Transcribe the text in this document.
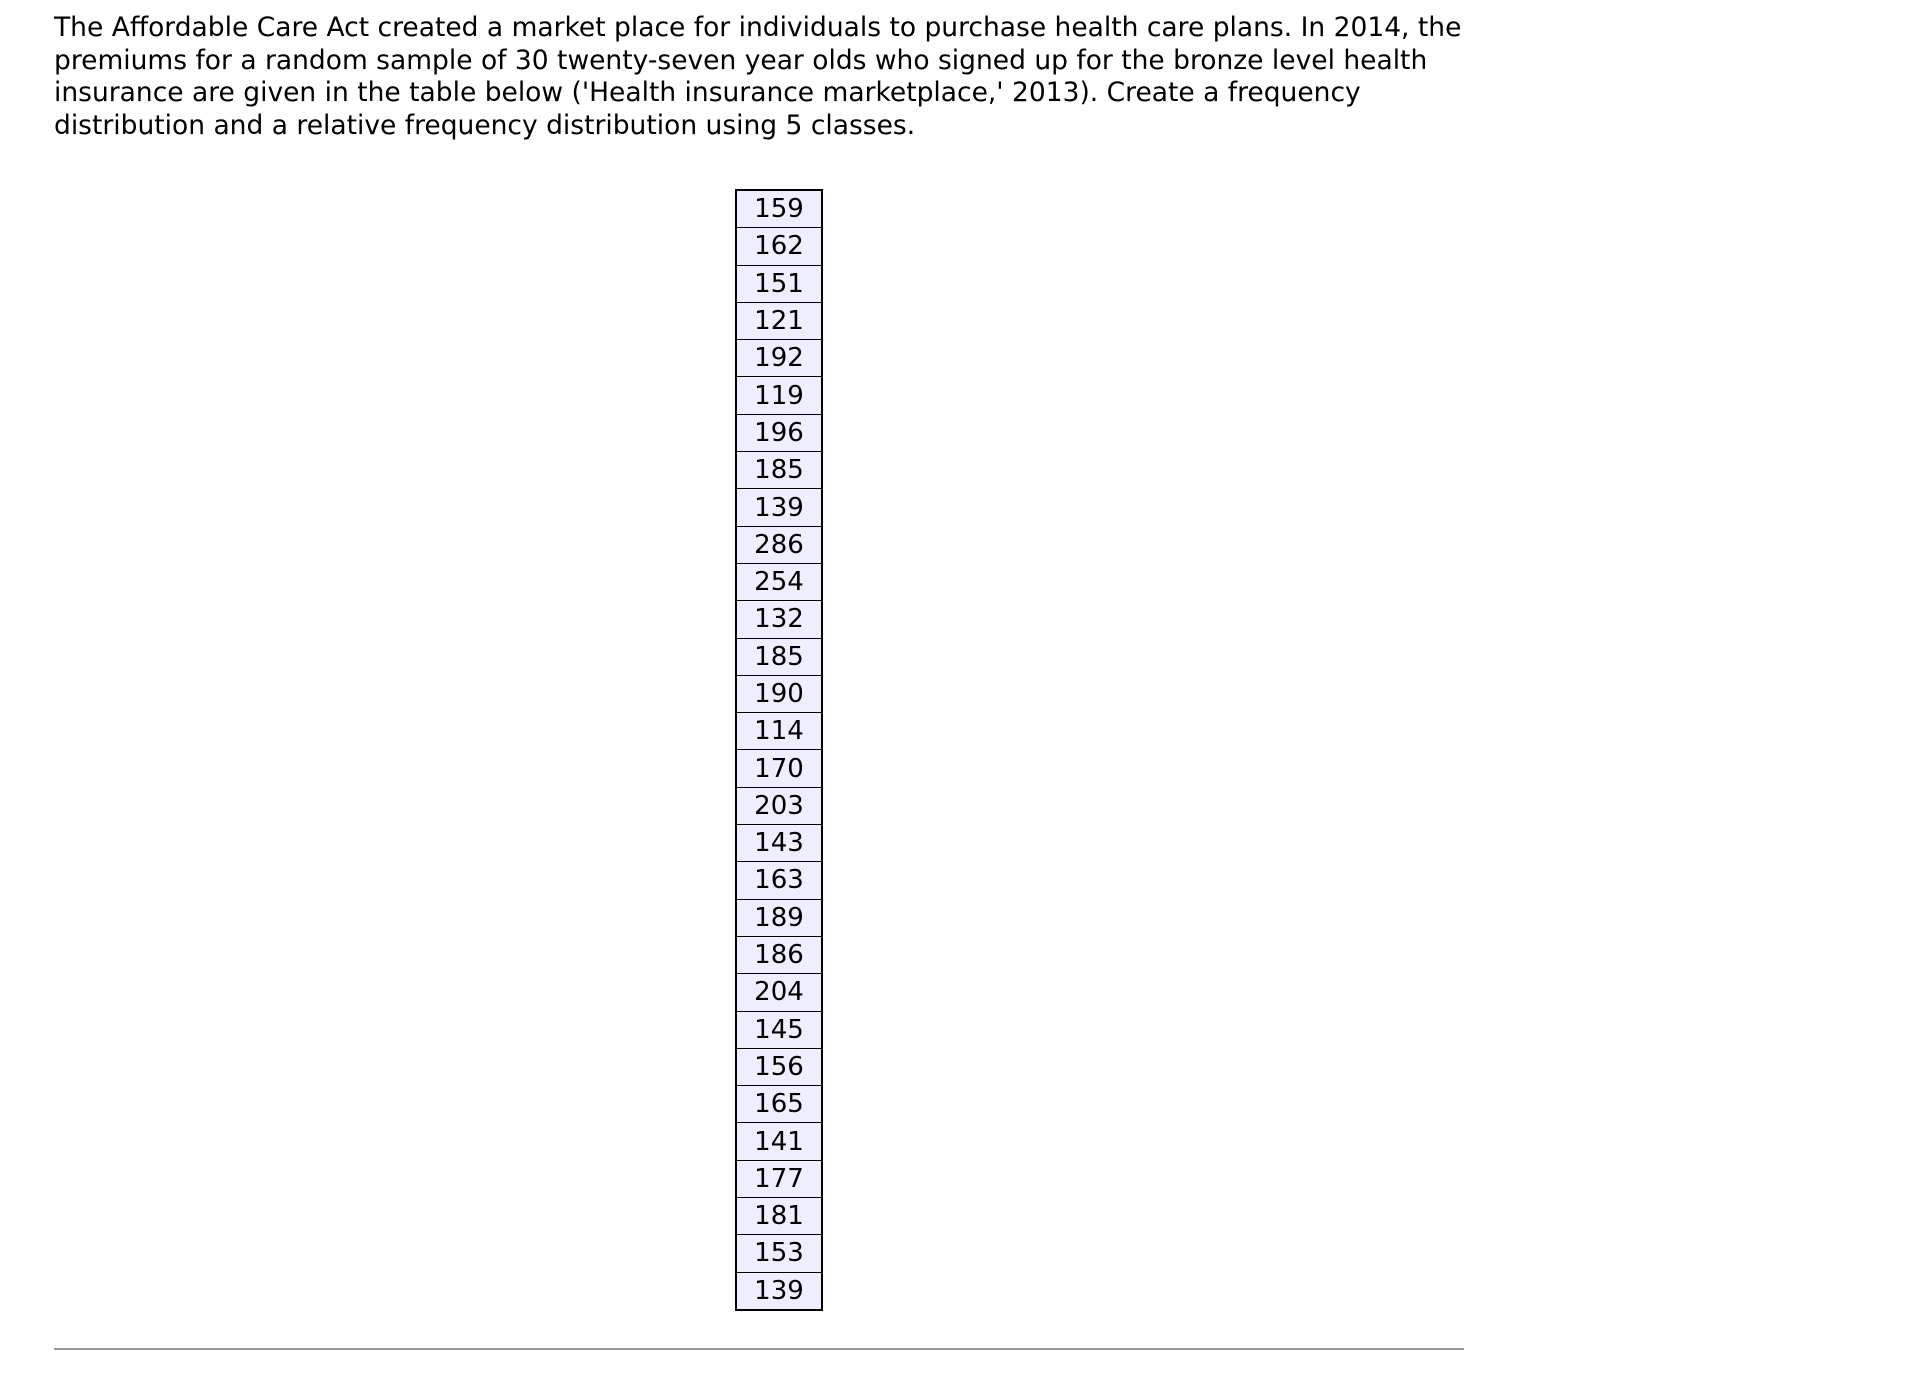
The Affordable Care Act created a market place for individuals to purchase health care plans. In 2014, the premiums for a random sample of 30 twenty-seven year olds who signed up for the bronze level health insurance are given in the table below ('Health insurance marketplace,' 2013). Create a frequency distribution and a relative frequency distribution using 5 classes.

159
162
151
121
192
119
196
185
139
286
254
132
185
190
114
170
203
143
163
189
186
204
145
156
165
141
177
181
153
139
